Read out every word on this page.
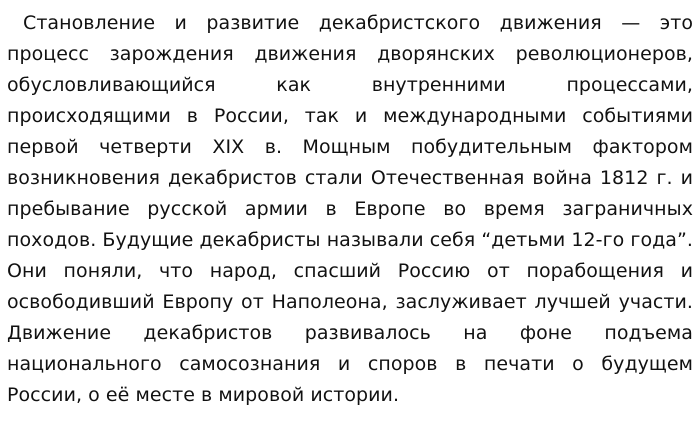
Становление и развитие декабристского движения — это процесс зарождения движения дворянских революционеров, обусловливающийся как внутренними процессами, происходящими в России, так и международными событиями первой четверти XIX в. Мощным побудительным фактором возникновения декабристов стали Отечественная война 1812 г. и пребывание русской армии в Европе во время заграничных походов. Будущие декабристы называли себя “детьми 12-го года”. Они поняли, что народ, спасший Россию от порабощения и освободивший Европу от Наполеона, заслуживает лучшей участи. Движение декабристов развивалось на фоне подъема национального самосознания и споров в печати о будущем России, о её месте в мировой истории.
